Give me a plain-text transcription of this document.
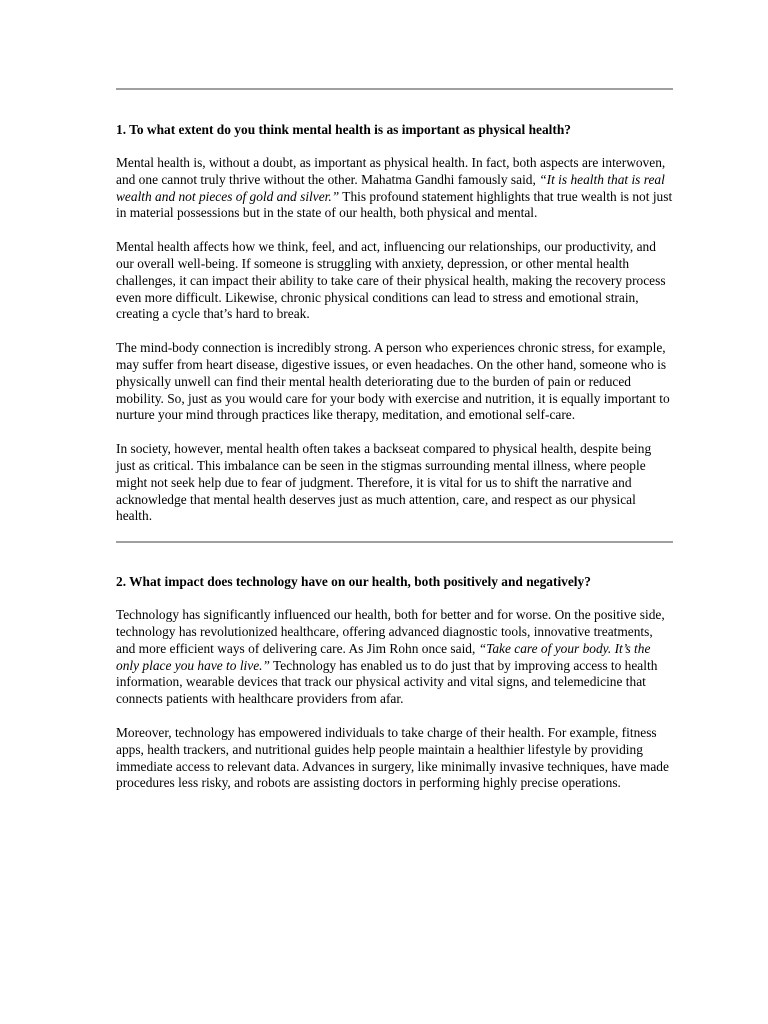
1. To what extent do you think mental health is as important as physical health?

Mental health is, without a doubt, as important as physical health. In fact, both aspects are interwoven, and one cannot truly thrive without the other. Mahatma Gandhi famously said, “It is health that is real wealth and not pieces of gold and silver.” This profound statement highlights that true wealth is not just in material possessions but in the state of our health, both physical and mental.

Mental health affects how we think, feel, and act, influencing our relationships, our productivity, and our overall well-being. If someone is struggling with anxiety, depression, or other mental health challenges, it can impact their ability to take care of their physical health, making the recovery process even more difficult. Likewise, chronic physical conditions can lead to stress and emotional strain, creating a cycle that’s hard to break.

The mind-body connection is incredibly strong. A person who experiences chronic stress, for example, may suffer from heart disease, digestive issues, or even headaches. On the other hand, someone who is physically unwell can find their mental health deteriorating due to the burden of pain or reduced mobility. So, just as you would care for your body with exercise and nutrition, it is equally important to nurture your mind through practices like therapy, meditation, and emotional self-care.

In society, however, mental health often takes a backseat compared to physical health, despite being just as critical. This imbalance can be seen in the stigmas surrounding mental illness, where people might not seek help due to fear of judgment. Therefore, it is vital for us to shift the narrative and acknowledge that mental health deserves just as much attention, care, and respect as our physical health.

2. What impact does technology have on our health, both positively and negatively?

Technology has significantly influenced our health, both for better and for worse. On the positive side, technology has revolutionized healthcare, offering advanced diagnostic tools, innovative treatments, and more efficient ways of delivering care. As Jim Rohn once said, “Take care of your body. It’s the only place you have to live.” Technology has enabled us to do just that by improving access to health information, wearable devices that track our physical activity and vital signs, and telemedicine that connects patients with healthcare providers from afar.

Moreover, technology has empowered individuals to take charge of their health. For example, fitness apps, health trackers, and nutritional guides help people maintain a healthier lifestyle by providing immediate access to relevant data. Advances in surgery, like minimally invasive techniques, have made procedures less risky, and robots are assisting doctors in performing highly precise operations.
